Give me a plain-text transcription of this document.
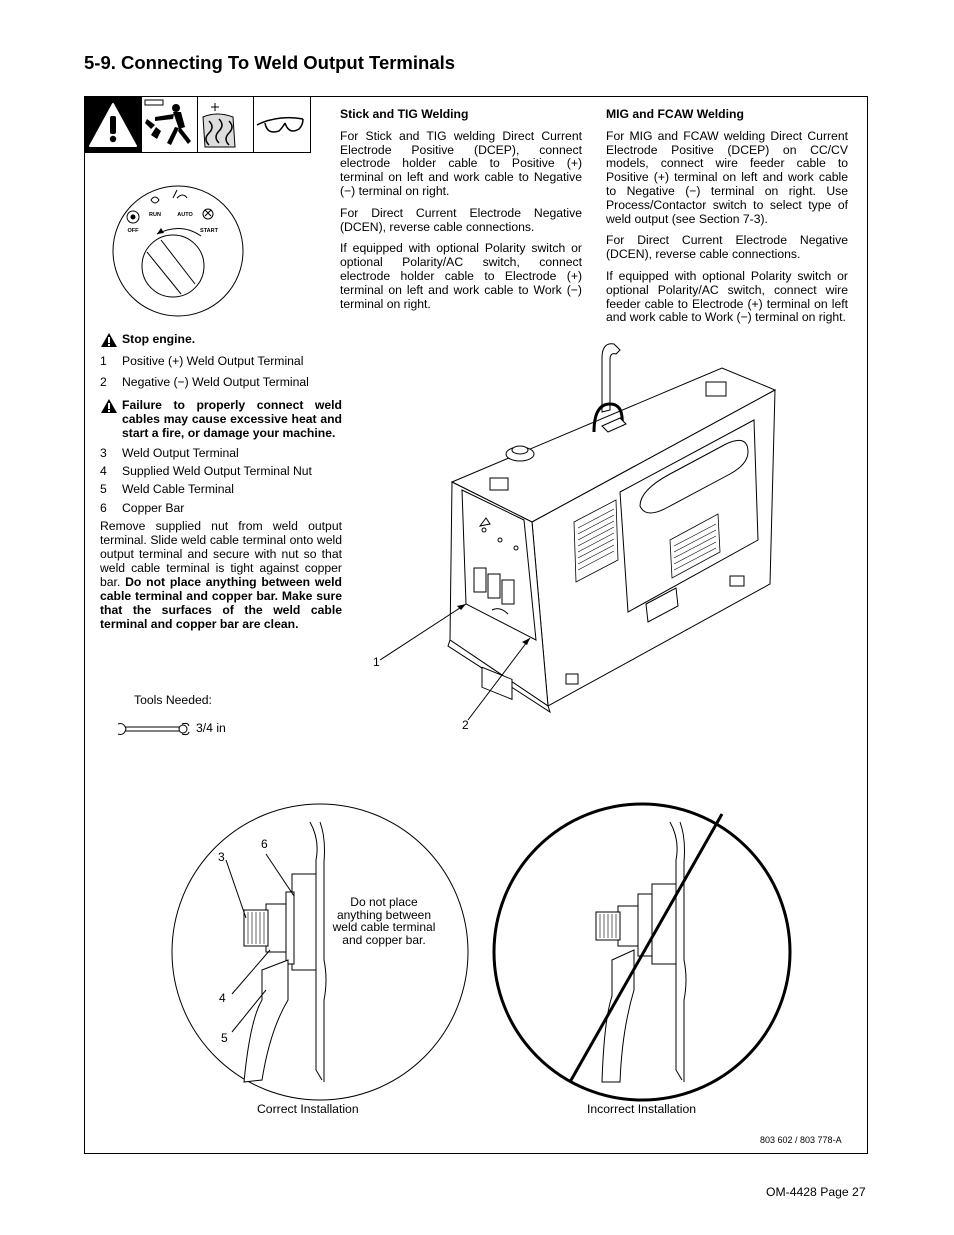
5-9. Connecting To Weld Output Terminals
OFF
RUN	AUTO
START
Stick and TIG Welding

For Stick and TIG welding Direct Current Electrode Positive (DCEP), connect electrode holder cable to Positive (+) terminal on left and work cable to Negative (−) terminal on right.

For Direct Current Electrode Negative (DCEN), reverse cable connections.

If equipped with optional Polarity switch or optional Polarity/AC switch, connect electrode holder cable to Electrode (+) terminal on left and work cable to Work (−) terminal on right.

MIG and FCAW Welding

For MIG and FCAW welding Direct Current Electrode Positive (DCEP) on CC/CV models, connect wire feeder cable to Positive (+) terminal on left and work cable to Negative (−) terminal on right. Use Process/Contactor switch to select type of weld output (see Section 7-3).

For Direct Current Electrode Negative (DCEN), reverse cable connections.

If equipped with optional Polarity switch or optional Polarity/AC switch, connect wire feeder cable to Electrode (+) terminal on left and work cable to Work (−) terminal on right.

Stop engine.
1	Positive (+) Weld Output Terminal
2	Negative (−) Weld Output Terminal
Failure to properly connect weld cables may cause excessive heat and start a fire, or damage your machine.
3	Weld Output Terminal
4	Supplied Weld Output Terminal Nut
5	Weld Cable Terminal
6	Copper Bar
Remove supplied nut from weld output terminal. Slide weld cable terminal onto weld output terminal and secure with nut so that weld cable terminal is tight against copper bar. Do not place anything between weld cable terminal and copper bar. Make sure that the surfaces of the weld cable terminal and copper bar are clean.
Tools Needed:
3/4 in
1
2
3
6
4
5
Do not place anything between weld cable terminal and copper bar.
Correct Installation	Incorrect Installation
803 602 / 803 778-A
OM-4428 Page 27
